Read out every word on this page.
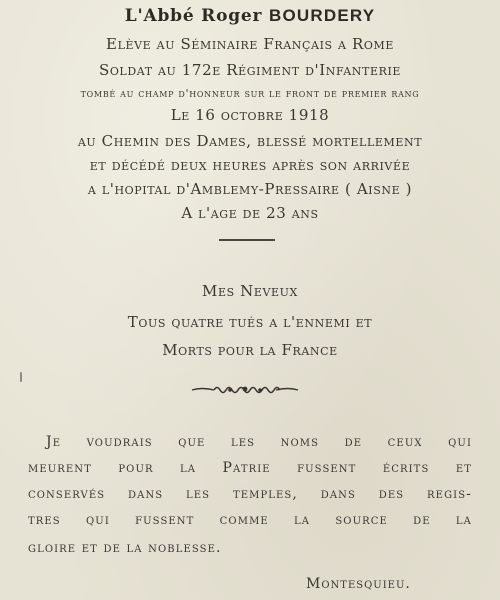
L'Abbé Roger BOURDERY
Elève au Séminaire Français a Rome
Soldat au 172e Régiment d'Infanterie
tombé au champ d'honneur sur le front de premier rang
Le 16 octobre 1918
au Chemin des Dames, blessé mortellement
et décédé deux heures après son arrivée
a l'hopital d'Amblemy-Pressaire ( Aisne )
A l'age de 23 ans
Mes Neveux
Tous quatre tués a l'ennemi et
Morts pour la France
Je voudrais que les noms de ceux qui
meurent pour la Patrie fussent écrits et
conservés dans les temples, dans des regis-
tres qui fussent comme la source de la
gloire et de la noblesse.
Montesquieu.
